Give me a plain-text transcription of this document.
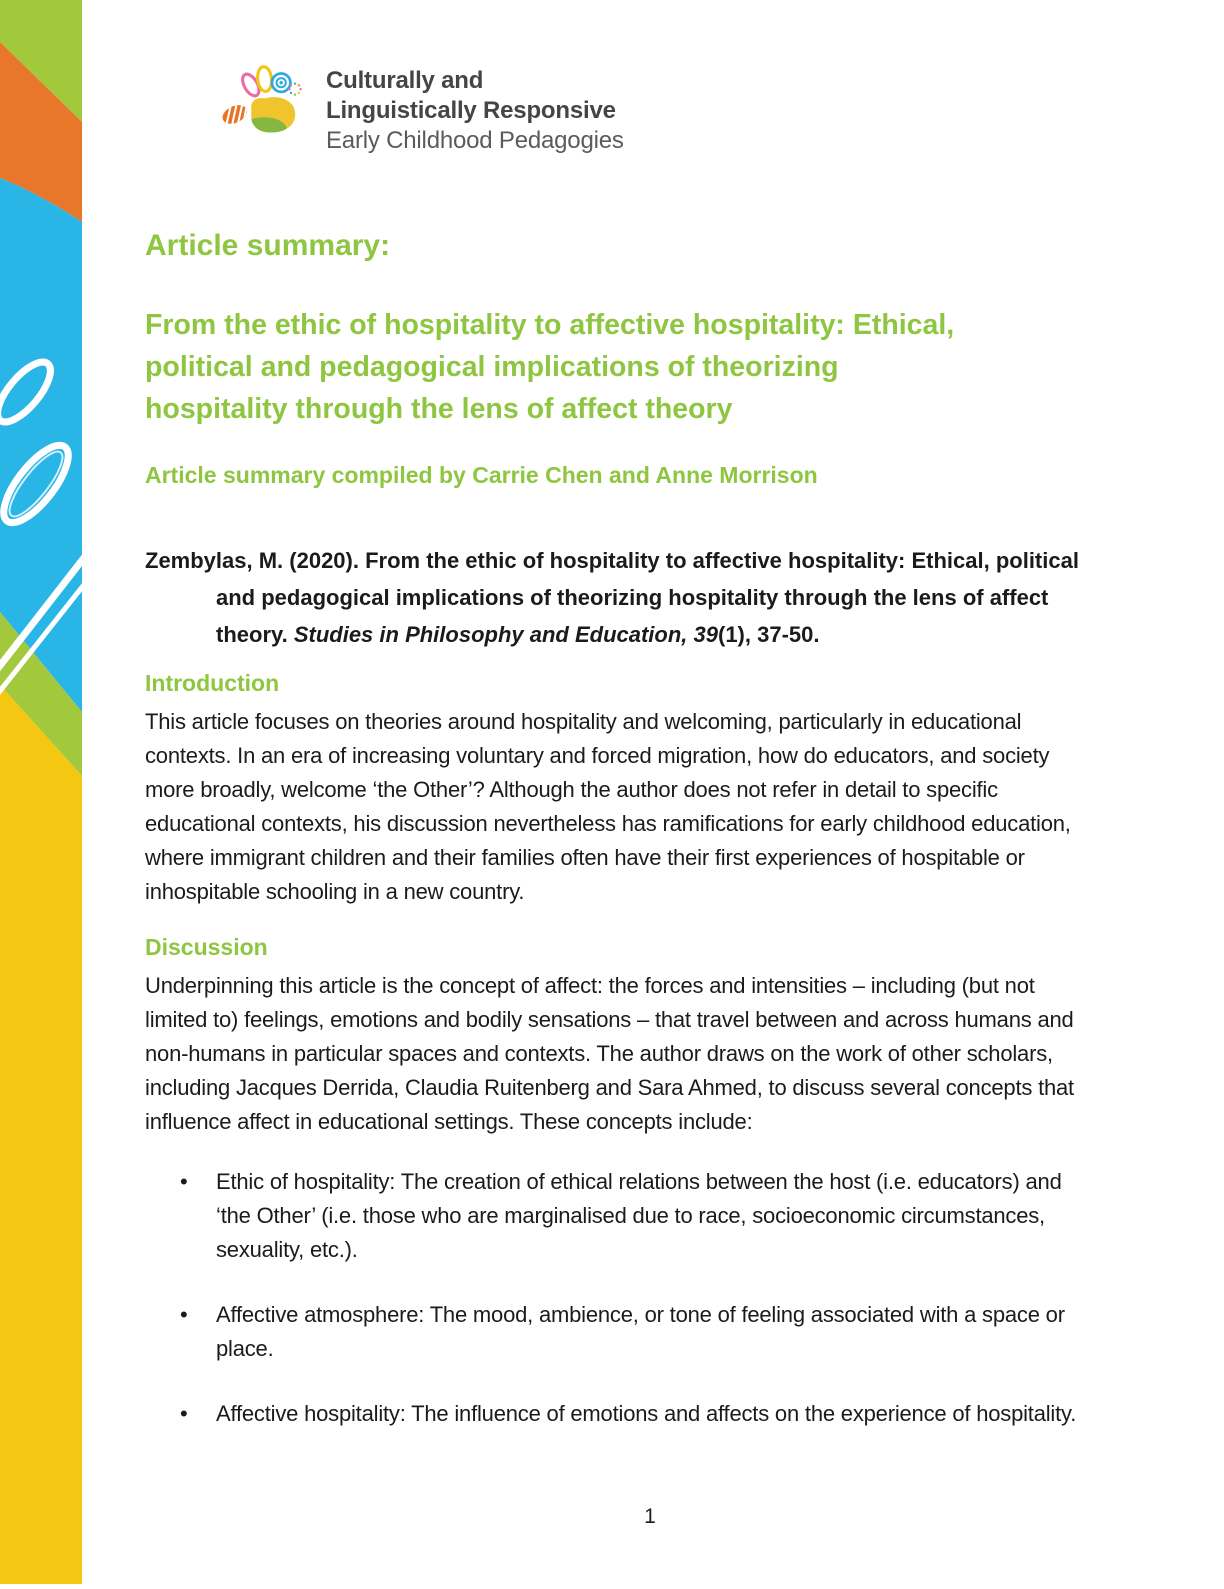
Culturally and
Linguistically Responsive
Early Childhood Pedagogies
Article summary:
From the ethic of hospitality to affective hospitality: Ethical,
political and pedagogical implications of theorizing
hospitality through the lens of affect theory
Article summary compiled by Carrie Chen and Anne Morrison

Zembylas, M. (2020). From the ethic of hospitality to affective hospitality: Ethical, political and pedagogical implications of theorizing hospitality through the lens of affect theory. Studies in Philosophy and Education, 39(1), 37-50.

Introduction

This article focuses on theories around hospitality and welcoming, particularly in educational contexts. In an era of increasing voluntary and forced migration, how do educators, and society more broadly, welcome ‘the Other’? Although the author does not refer in detail to specific educational contexts, his discussion nevertheless has ramifications for early childhood education, where immigrant children and their families often have their first experiences of hospitable or inhospitable schooling in a new country.

Discussion

Underpinning this article is the concept of affect: the forces and intensities – including (but not limited to) feelings, emotions and bodily sensations – that travel between and across humans and non-humans in particular spaces and contexts. The author draws on the work of other scholars, including Jacques Derrida, Claudia Ruitenberg and Sara Ahmed, to discuss several concepts that influence affect in educational settings. These concepts include:

• Ethic of hospitality: The creation of ethical relations between the host (i.e. educators) and ‘the Other’ (i.e. those who are marginalised due to race, socioeconomic circumstances, sexuality, etc.).
• Affective atmosphere: The mood, ambience, or tone of feeling associated with a space or place.
• Affective hospitality: The influence of emotions and affects on the experience of hospitality.
1
